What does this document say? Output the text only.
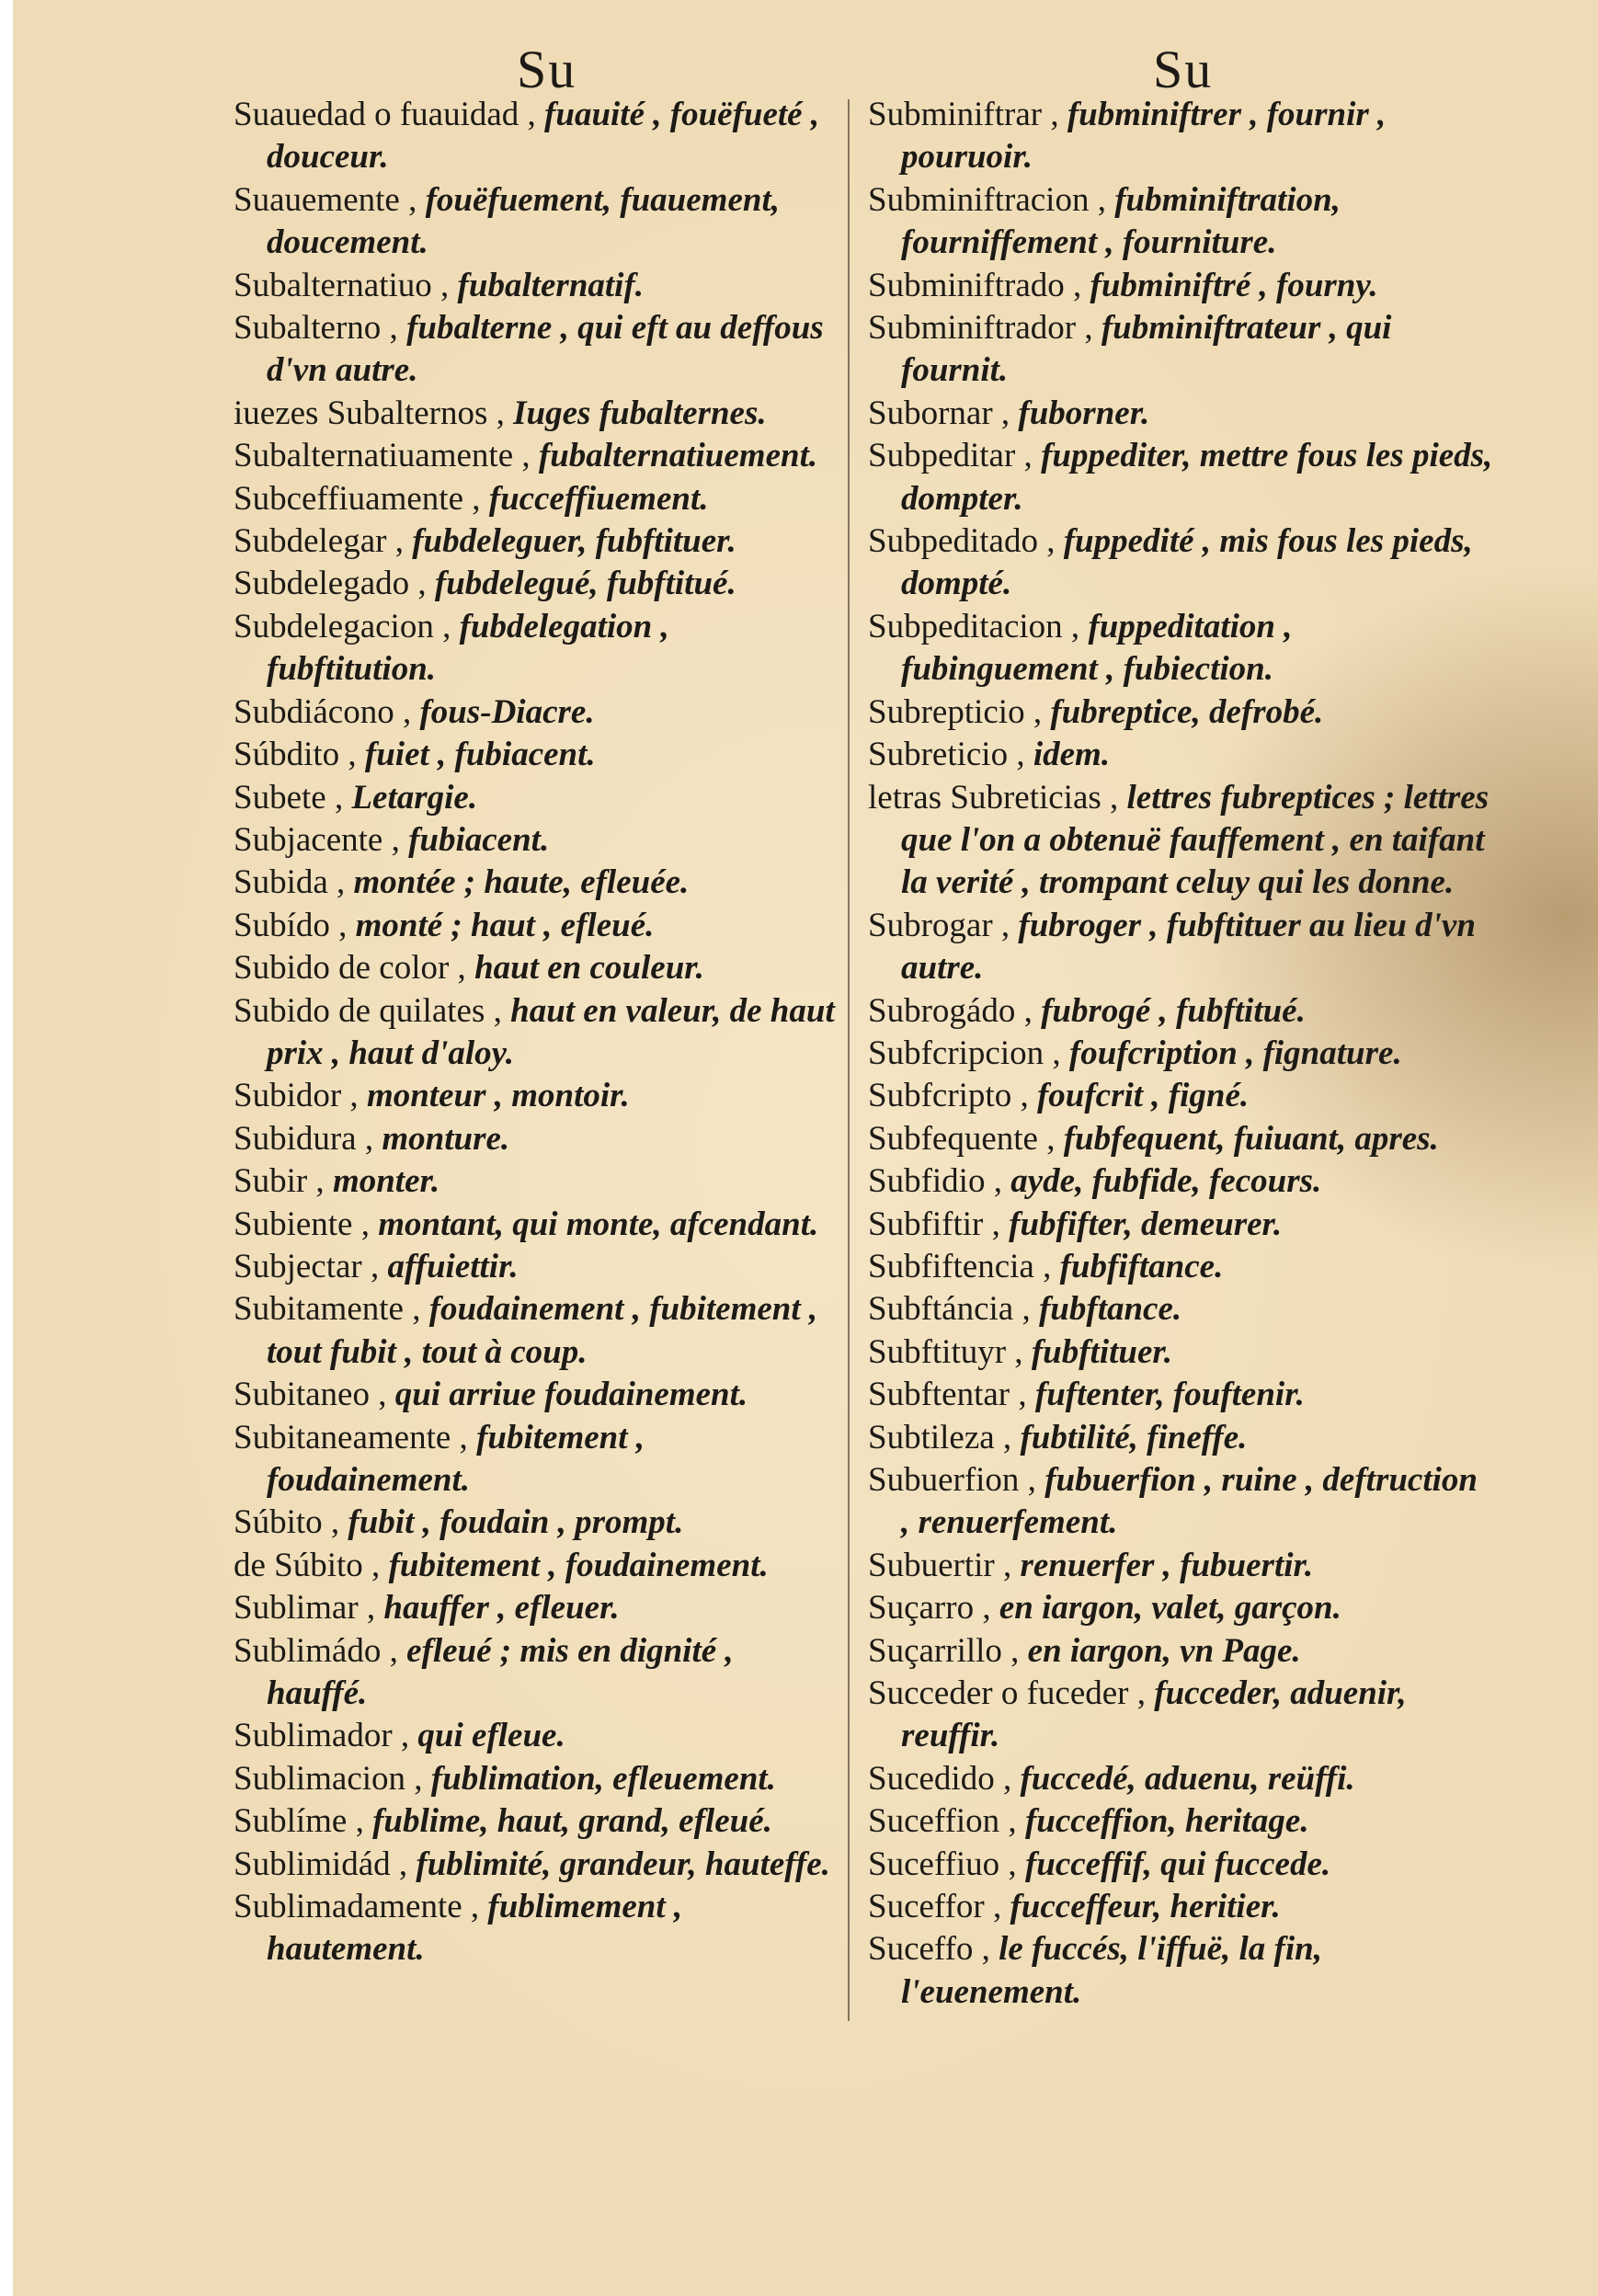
Su	Su
Suauedad o fuauidad , fuauité , fouëfueté , douceur.
Suauemente , fouëfuement, fuauement, doucement.
Subalternatiuo , fubalternatif.
Subalterno , fubalterne , qui eft au deffous d'vn autre.
iuezes Subalternos , Iuges fubalternes.
Subalternatiuamente , fubalternatiuement.
Subceffiuamente , fucceffiuement.
Subdelegar , fubdeleguer, fubftituer.
Subdelegado , fubdelegué, fubftitué.
Subdelegacion , fubdelegation , fubftitution.
Subdiácono , fous-Diacre.
Súbdito , fuiet , fubiacent.
Subete , Letargie.
Subjacente , fubiacent.
Subida , montée ; haute, efleuée.
Subído , monté ; haut , efleué.
Subido de color , haut en couleur.
Subido de quilates , haut en valeur, de haut prix , haut d'aloy.
Subidor , monteur , montoir.
Subidura , monture.
Subir , monter.
Subiente , montant, qui monte, afcendant.
Subjectar , affuiettir.
Subitamente , foudainement , fubitement , tout fubit , tout à coup.
Subitaneo , qui arriue foudainement.
Subitaneamente , fubitement , foudainement.
Súbito , fubit , foudain , prompt.
de Súbito , fubitement , foudainement.
Sublimar , hauffer , efleuer.
Sublimádo , efleué ; mis en dignité , hauffé.
Sublimador , qui efleue.
Sublimacion , fublimation, efleuement.
Sublíme , fublime, haut, grand, efleué.
Sublimidád , fublimité, grandeur, hauteffe.
Sublimadamente , fublimement , hautement.
Subminiftrar , fubminiftrer , fournir , pouruoir.
Subminiftracion , fubminiftration, fourniffement , fourniture.
Subminiftrado , fubminiftré , fourny.
Subminiftrador , fubminiftrateur , qui fournit.
Subornar , fuborner.
Subpeditar , fuppediter, mettre fous les pieds, dompter.
Subpeditado , fuppedité , mis fous les pieds, dompté.
Subpeditacion , fuppeditation , fubinguement , fubiection.
Subrepticio , fubreptice, defrobé.
Subreticio , idem.
letras Subreticias , lettres fubreptices ; lettres que l'on a obtenuë fauffement , en taifant la verité , trompant celuy qui les donne.
Subrogar , fubroger , fubftituer au lieu d'vn autre.
Subrogádo , fubrogé , fubftitué.
Subfcripcion , foufcription , fignature.
Subfcripto , foufcrit , figné.
Subfequente , fubfequent, fuiuant, apres.
Subfidio , ayde, fubfide, fecours.
Subfiftir , fubfifter, demeurer.
Subfiftencia , fubfiftance.
Subftáncia , fubftance.
Subftituyr , fubftituer.
Subftentar , fuftenter, fouftenir.
Subtileza , fubtilité, fineffe.
Subuerfion , fubuerfion , ruine , deftruction , renuerfement.
Subuertir , renuerfer , fubuertir.
Suçarro , en iargon, valet, garçon.
Suçarrillo , en iargon, vn Page.
Succeder o fuceder , fucceder, aduenir, reuffir.
Sucedido , fuccedé, aduenu, reüffi.
Suceffion , fucceffion, heritage.
Suceffiuo , fucceffif, qui fuccede.
Suceffor , fucceffeur, heritier.
Suceffo , le fuccés, l'iffuë, la fin, l'euenement.
